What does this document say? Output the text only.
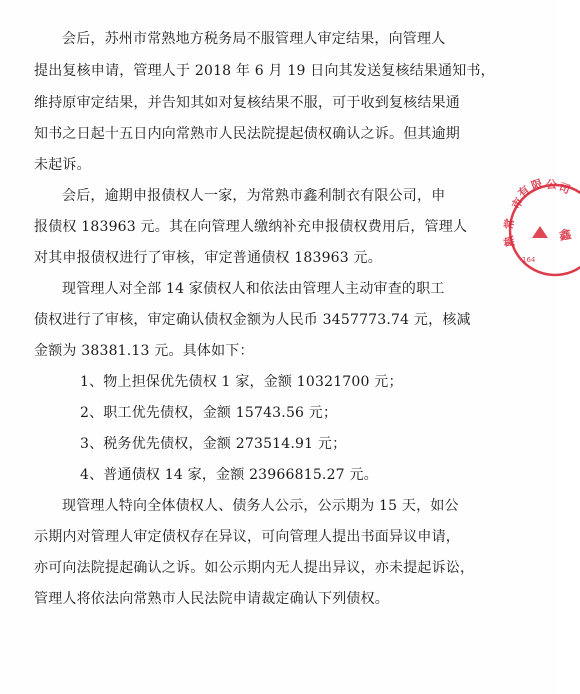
会后，苏州市常熟地方税务局不服管理人审定结果，向管理人
提出复核申请，管理人于 2018 年 6 月 19 日向其发送复核结果通知书，
维持原审定结果，并告知其如对复核结果不服，可于收到复核结果通
知书之日起十五日内向常熟市人民法院提起债权确认之诉。但其逾期
未起诉。
会后，逾期申报债权人一家，为常熟市鑫利制衣有限公司，申
报债权 183963 元。其在向管理人缴纳补充申报债权费用后，管理人
对其申报债权进行了审核，审定普通债权 183963 元。
现管理人对全部 14 家债权人和依法由管理人主动审查的职工
债权进行了审核，审定确认债权金额为人民币 3457773.74 元，核减
金额为 38381.13 元。具体如下：
1、物上担保优先债权 1 家，金额 10321700 元；
2、职工优先债权，金额 15743.56 元；
3、税务优先债权，金额 273514.91 元；
4、普通债权 14 家，金额 23966815.27 元。
现管理人特向全体债权人、债务人公示，公示期为 15 天，如公
示期内对管理人审定债权存在异议，可向管理人提出书面异议申请，
亦可向法院提起确认之诉。如公示期内无人提出异议，亦未提起诉讼，
管理人将依法向常熟市人民法院申请裁定确认下列债权。
市
有
限 公 司
常
熟	鑫
164
